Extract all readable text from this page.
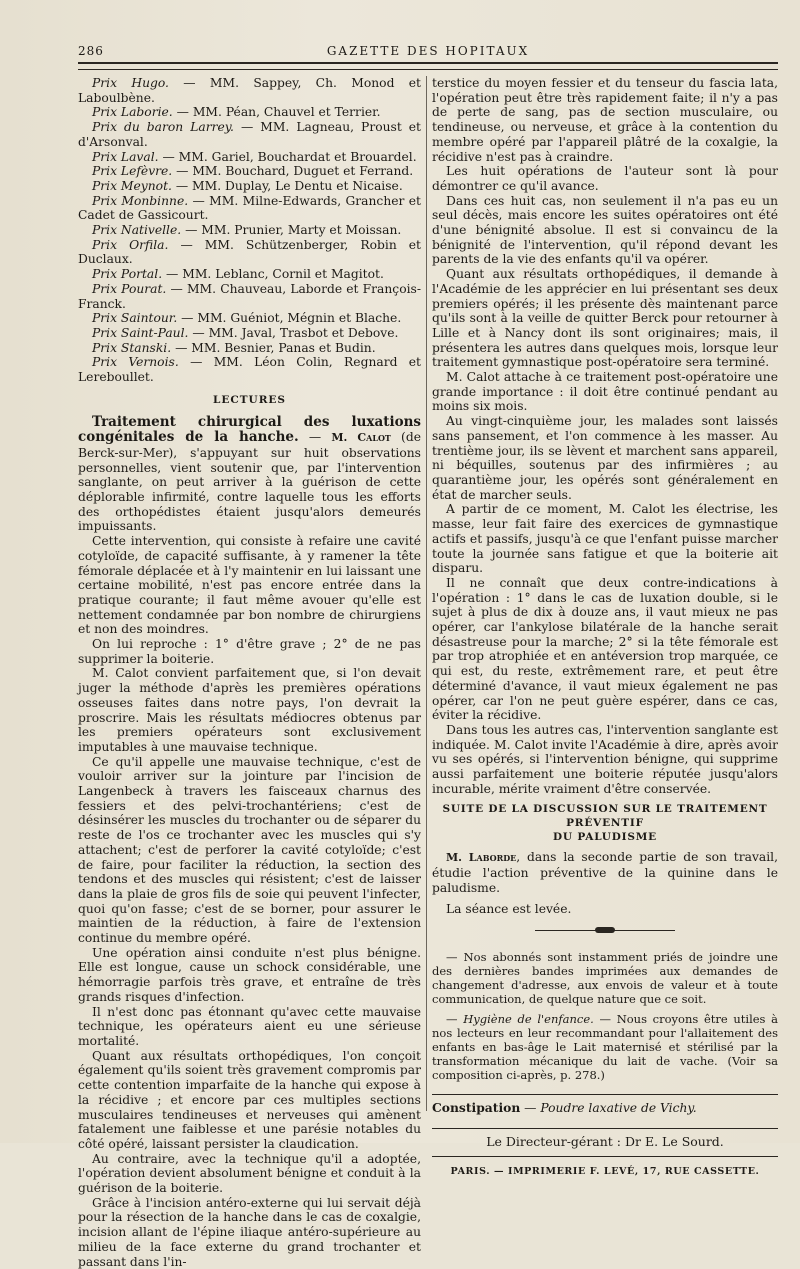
286	GAZETTE DES HOPITAUX

Prix Hugo. — MM. Sappey, Ch. Monod et Laboulbène.

Prix Laborie. — MM. Péan, Chauvel et Terrier.

Prix du baron Larrey. — MM. Lagneau, Proust et d'Arsonval.

Prix Laval. — MM. Gariel, Bouchardat et Brouardel.

Prix Lefèvre. — MM. Bouchard, Duguet et Ferrand.

Prix Meynot. — MM. Duplay, Le Dentu et Nicaise.

Prix Monbinne. — MM. Milne-Edwards, Grancher et Cadet de Gassicourt.

Prix Nativelle. — MM. Prunier, Marty et Moissan.

Prix Orfila. — MM. Schützenberger, Robin et Duclaux.

Prix Portal. — MM. Leblanc, Cornil et Magitot.

Prix Pourat. — MM. Chauveau, Laborde et François-Franck.

Prix Saintour. — MM. Guéniot, Mégnin et Blache.

Prix Saint-Paul. — MM. Javal, Trasbot et Debove.

Prix Stanski. — MM. Besnier, Panas et Budin.

Prix Vernois. — MM. Léon Colin, Regnard et Lereboullet.

LECTURES

Traitement chirurgical des luxations congénitales de la hanche. — M. Calot (de Berck-sur-Mer), s'appuyant sur huit observations personnelles, vient soutenir que, par l'intervention sanglante, on peut arriver à la guérison de cette déplorable infirmité, contre laquelle tous les efforts des orthopédistes étaient jusqu'alors demeurés impuissants.

Cette intervention, qui consiste à refaire une cavité cotyloïde, de capacité suffisante, à y ramener la tête fémorale déplacée et à l'y maintenir en lui laissant une certaine mobilité, n'est pas encore entrée dans la pratique courante; il faut même avouer qu'elle est nettement condamnée par bon nombre de chirurgiens et non des moindres.

On lui reproche : 1° d'être grave ; 2° de ne pas supprimer la boiterie.

M. Calot convient parfaitement que, si l'on devait juger la méthode d'après les premières opérations osseuses faites dans notre pays, l'on devrait la proscrire. Mais les résultats médiocres obtenus par les premiers opérateurs sont exclusivement imputables à une mauvaise technique.

Ce qu'il appelle une mauvaise technique, c'est de vouloir arriver sur la jointure par l'incision de Langenbeck à travers les faisceaux charnus des fessiers et des pelvi-trochantériens; c'est de désinsérer les muscles du trochanter ou de séparer du reste de l'os ce trochanter avec les muscles qui s'y attachent; c'est de perforer la cavité cotyloïde; c'est de faire, pour faciliter la réduction, la section des tendons et des muscles qui résistent; c'est de laisser dans la plaie de gros fils de soie qui peuvent l'infecter, quoi qu'on fasse; c'est de se borner, pour assurer le maintien de la réduction, à faire de l'extension continue du membre opéré.

Une opération ainsi conduite n'est plus bénigne. Elle est longue, cause un schock considérable, une hémorragie parfois très grave, et entraîne de très grands risques d'infection.

Il n'est donc pas étonnant qu'avec cette mauvaise technique, les opérateurs aient eu une sérieuse mortalité.

Quant aux résultats orthopédiques, l'on conçoit également qu'ils soient très gravement compromis par cette contention imparfaite de la hanche qui expose à la récidive ; et encore par ces multiples sections musculaires tendineuses et nerveuses qui amènent fatalement une faiblesse et une parésie notables du côté opéré, laissant persister la claudication.

Au contraire, avec la technique qu'il a adoptée, l'opération devient absolument bénigne et conduit à la guérison de la boiterie.

Grâce à l'incision antéro-externe qui lui servait déjà pour la résection de la hanche dans le cas de coxalgie, incision allant de l'épine iliaque antéro-supérieure au milieu de la face externe du grand trochanter et passant dans l'in-

terstice du moyen fessier et du tenseur du fascia lata, l'opération peut être très rapidement faite; il n'y a pas de perte de sang, pas de section musculaire, ou tendineuse, ou nerveuse, et grâce à la contention du membre opéré par l'appareil plâtré de la coxalgie, la récidive n'est pas à craindre.

Les huit opérations de l'auteur sont là pour démontrer ce qu'il avance.

Dans ces huit cas, non seulement il n'a pas eu un seul décès, mais encore les suites opératoires ont été d'une bénignité absolue. Il est si convaincu de la bénignité de l'intervention, qu'il répond devant les parents de la vie des enfants qu'il va opérer.

Quant aux résultats orthopédiques, il demande à l'Académie de les apprécier en lui présentant ses deux premiers opérés; il les présente dès maintenant parce qu'ils sont à la veille de quitter Berck pour retourner à Lille et à Nancy dont ils sont originaires; mais, il présentera les autres dans quelques mois, lorsque leur traitement gymnastique post-opératoire sera terminé.

M. Calot attache à ce traitement post-opératoire une grande importance : il doit être continué pendant au moins six mois.

Au vingt-cinquième jour, les malades sont laissés sans pansement, et l'on commence à les masser. Au trentième jour, ils se lèvent et marchent sans appareil, ni béquilles, soutenus par des infirmières ; au quarantième jour, les opérés sont généralement en état de marcher seuls.

A partir de ce moment, M. Calot les électrise, les masse, leur fait faire des exercices de gymnastique actifs et passifs, jusqu'à ce que l'enfant puisse marcher toute la journée sans fatigue et que la boiterie ait disparu.

Il ne connaît que deux contre-indications à l'opération : 1° dans le cas de luxation double, si le sujet à plus de dix à douze ans, il vaut mieux ne pas opérer, car l'ankylose bilatérale de la hanche serait désastreuse pour la marche; 2° si la tête fémorale est par trop atrophiée et en antéversion trop marquée, ce qui est, du reste, extrêmement rare, et peut être déterminé d'avance, il vaut mieux également ne pas opérer, car l'on ne peut guère espérer, dans ce cas, éviter la récidive.

Dans tous les autres cas, l'intervention sanglante est indiquée. M. Calot invite l'Académie à dire, après avoir vu ses opérés, si l'intervention bénigne, qui supprime aussi parfaitement une boiterie réputée jusqu'alors incurable, mérite vraiment d'être conservée.

SUITE DE LA DISCUSSION SUR LE TRAITEMENT PRÉVENTIF
DU PALUDISME

M. Laborde, dans la seconde partie de son travail, étudie l'action préventive de la quinine dans le paludisme.

La séance est levée.

— Nos abonnés sont instamment priés de joindre une des dernières bandes imprimées aux demandes de changement d'adresse, aux envois de valeur et à toute communication, de quelque nature que ce soit.

— Hygiène de l'enfance. — Nous croyons être utiles à nos lecteurs en leur recommandant pour l'allaitement des enfants en bas-âge le Lait maternisé et stérilisé par la transformation mécanique du lait de vache. (Voir sa composition ci-après, p. 278.)

Constipation — Poudre laxative de Vichy.

Le Directeur-gérant : Dr E. Le Sourd.
PARIS. — IMPRIMERIE F. LEVÉ, 17, RUE CASSETTE.
